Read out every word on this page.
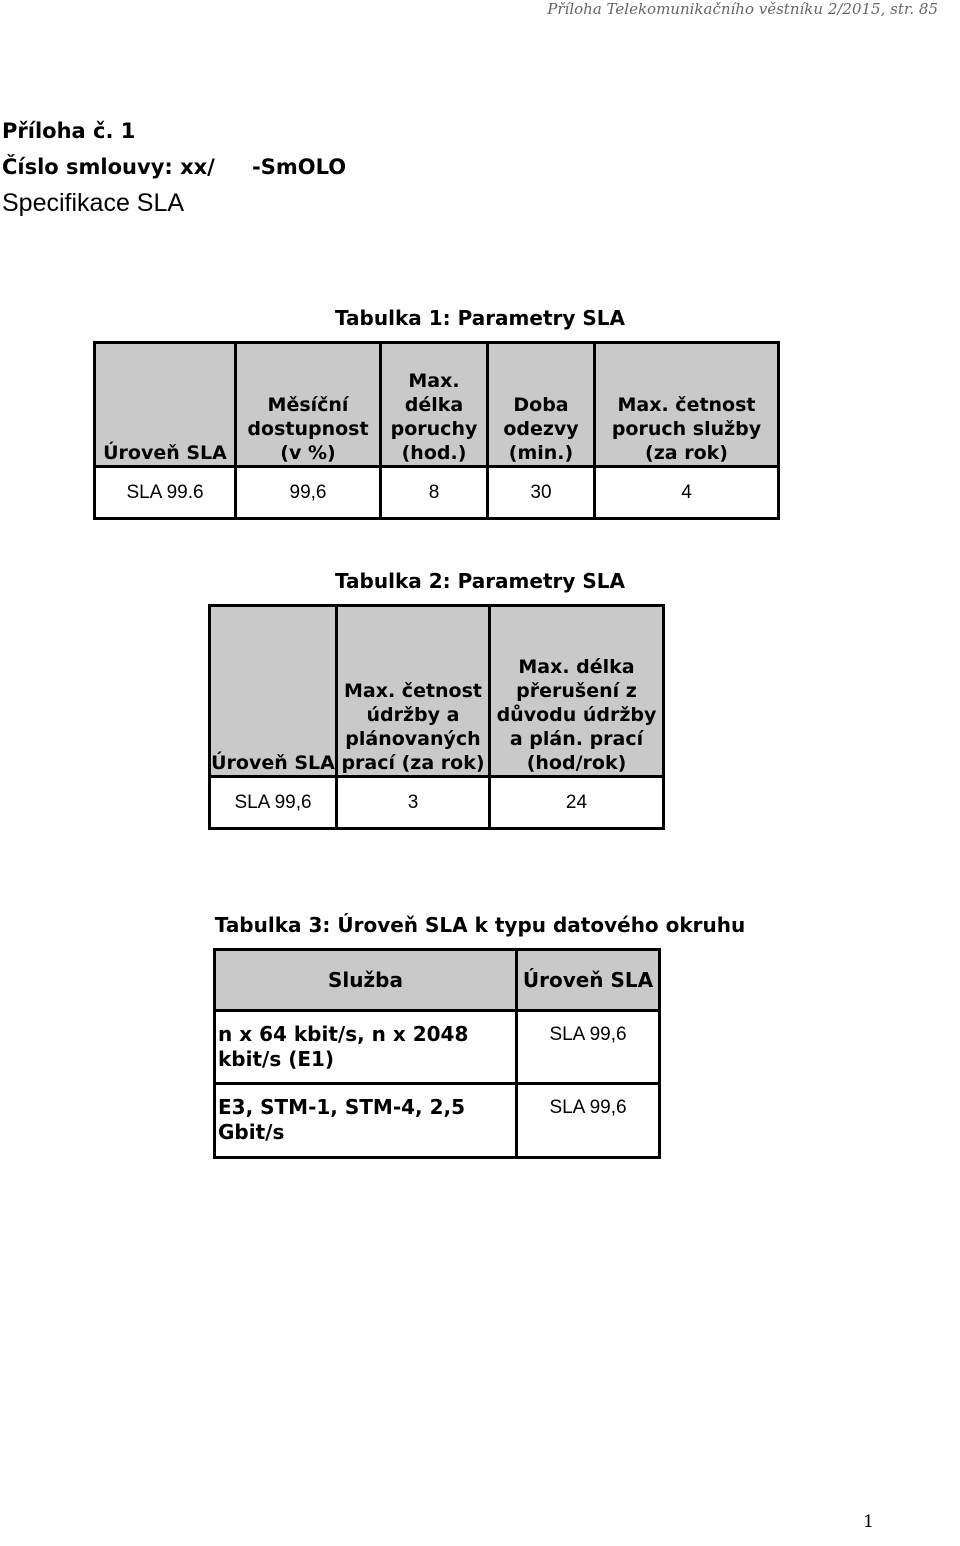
Příloha Telekomunikačního věstníku 2/2015, str. 85
Příloha č. 1
Číslo smlouvy: xx/ -SmOLO
Specifikace SLA
Tabulka 1: Parametry SLA
Úroveň SLA	Měsíční dostupnost (v %)	Max. délka poruchy (hod.)	Doba odezvy (min.)	Max. četnost poruch služby (za rok)
SLA 99.6	99,6	8	30	4
Tabulka 2: Parametry SLA
Úroveň SLA	Max. četnost údržby a plánovaných prací (za rok)	Max. délka přerušení z důvodu údržby a plán. prací (hod/rok)
SLA 99,6	3	24
Tabulka 3: Úroveň SLA k typu datového okruhu
Služba	Úroveň SLA
n x 64 kbit/s, n x 2048 kbit/s (E1)	SLA 99,6
E3, STM-1, STM-4, 2,5 Gbit/s	SLA 99,6
1
